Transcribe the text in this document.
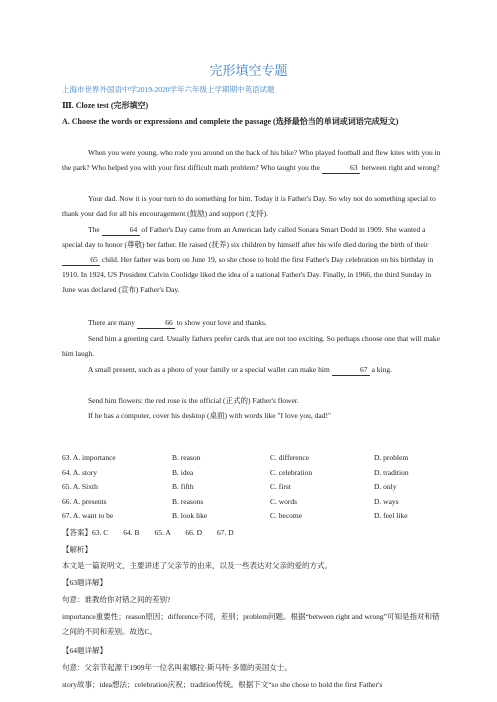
完形填空专题
上海市世界外国语中学2019-2020学年六年级上学期期中英语试题
Ⅲ. Cloze test (完形填空)
A. Choose the words or expressions and complete the passage (选择最恰当的单词或词语完成短文)
When you were young, who rode you around on the back of his bike? Who played football and flew kites with you in the park? Who helped you with your first difficult math problem? Who taught you the	63 between right and wrong?
Your dad. Now it is your turn to do something for him. Today it is Father's Day. So why not do something special to thank your dad for all his encouragement (鼓励) and support (支持).
The	64 of Father's Day came from an American lady called Sonara Smart Dodd in 1909. She wanted a special day to honor (尊敬) her father. He raised (抚养) six children by himself after his wife died during the birth of their 65 child. Her father was born on June 19, so she chose to hold the first Father's Day celebration on his birthday in 1910. In 1924, US President Calvin Coolidge liked the idea of a national Father's Day. Finally, in 1966, the third Sunday in June was declared (宣布) Father's Day.
There are many	66 to show your love and thanks.
Send him a greeting card. Usually fathers prefer cards that are not too exciting. So perhaps choose one that will make him laugh.
A small present, such as a photo of your family or a special wallet can make him	67 a king.
Send him flowers: the red rose is the official (正式的) Father's flower.
If he has a computer, cover his desktop (桌面) with words like "I love you, dad!"
63. A. importance	B. reason	C. difference	D. problem
64. A. story	B. idea	C. celebration	D. tradition
65. A. Sixth	B. fifth	C. first	D. only
66. A. presents	B. reasons	C. words	D. ways
67. A. want to be	B. look like	C. become	D. feel like
【答案】63. C　　64. B　　65. A　　66. D　　67. D
【解析】
本文是一篇说明文，主要讲述了父亲节的由来，以及一些表达对父亲的爱的方式。
【63题详解】
句意：谁教给你对错之间的差别?
importance重要性；reason原因；difference不同，差别；problem问题。根据“between right and wrong”可知是指对和错之间的不同和差别。故选C。
【64题详解】
句意：父亲节起源于1909年一位名叫索娜拉·斯马特·多德的美国女士。
story故事；idea想法；celebration庆祝；tradition传统。根据下文“so she chose to hold the first Father's
